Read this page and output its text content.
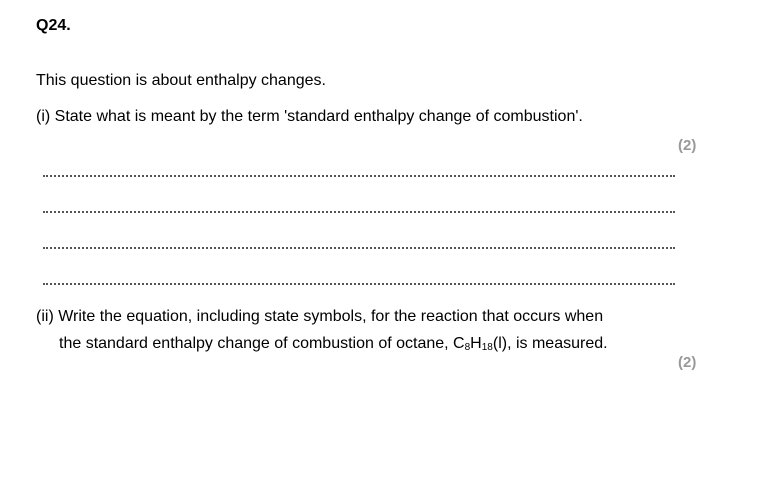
Q24.
This question is about enthalpy changes.
(i) State what is meant by the term 'standard enthalpy change of combustion'.
(2)
(ii) Write the equation, including state symbols, for the reaction that occurs when
the standard enthalpy change of combustion of octane, $C_8H_{18}(l)$, is measured.
(2)
